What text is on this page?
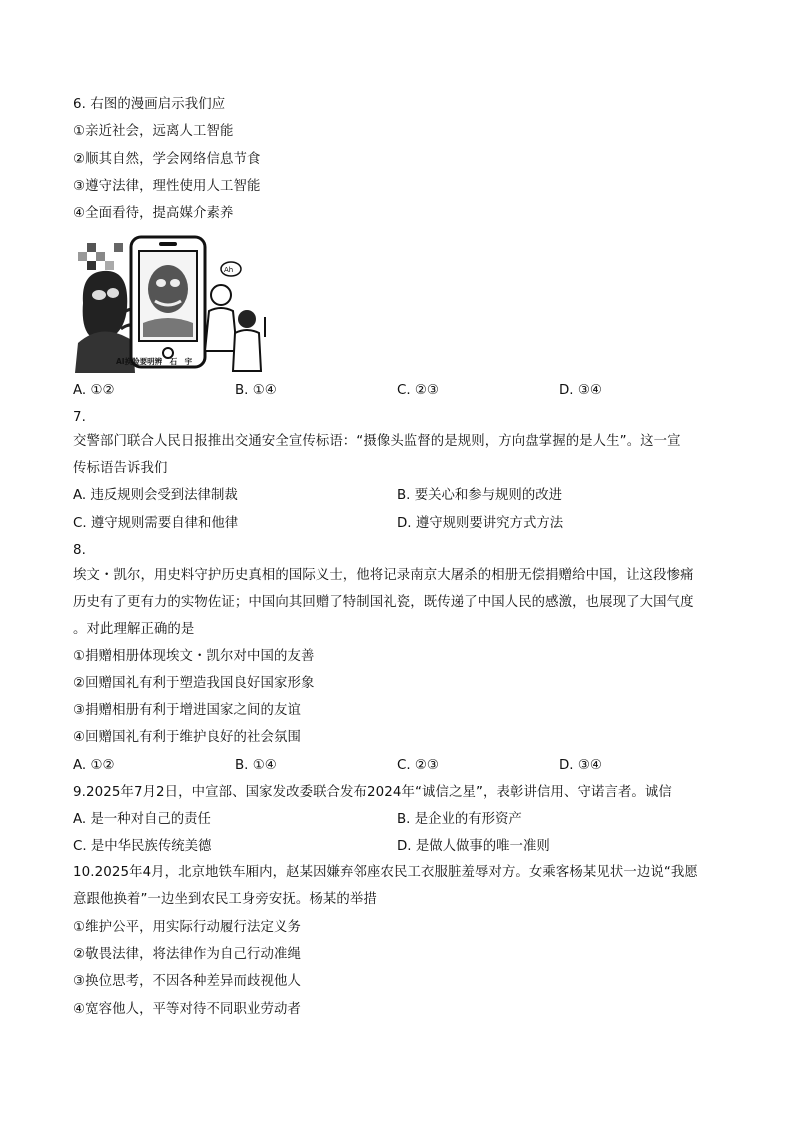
6. 右图的漫画启示我们应
①亲近社会，远离人工智能
②顺其自然，学会网络信息节食
③遵守法律，理性使用人工智能
④全面看待，提高媒介素养
Ah
AI换脸要明辨　石　宇
A. ①②	B. ①④	C. ②③	D. ③④
7.
交警部门联合人民日报推出交通安全宣传标语：“摄像头监督的是规则，方向盘掌握的是人生”。这一宣
传标语告诉我们
A. 违反规则会受到法律制裁	B. 要关心和参与规则的改进
C. 遵守规则需要自律和他律	D. 遵守规则要讲究方式方法
8.
埃文・凯尔，用史料守护历史真相的国际义士，他将记录南京大屠杀的相册无偿捐赠给中国，让这段惨痛
历史有了更有力的实物佐证；中国向其回赠了特制国礼瓷，既传递了中国人民的感激，也展现了大国气度
。对此理解正确的是
①捐赠相册体现埃文・凯尔对中国的友善
②回赠国礼有利于塑造我国良好国家形象
③捐赠相册有利于增进国家之间的友谊
④回赠国礼有利于维护良好的社会氛围
A. ①②	B. ①④	C. ②③	D. ③④
9.2025年7月2日，中宣部、国家发改委联合发布2024年“诚信之星”，表彰讲信用、守诺言者。诚信
A. 是一种对自己的责任	B. 是企业的有形资产
C. 是中华民族传统美德	D. 是做人做事的唯一准则
10.2025年4月，北京地铁车厢内，赵某因嫌弃邻座农民工衣服脏羞辱对方。女乘客杨某见状一边说“我愿
意跟他换着”一边坐到农民工身旁安抚。杨某的举措
①维护公平，用实际行动履行法定义务
②敬畏法律，将法律作为自己行动准绳
③换位思考，不因各种差异而歧视他人
④宽容他人，平等对待不同职业劳动者
